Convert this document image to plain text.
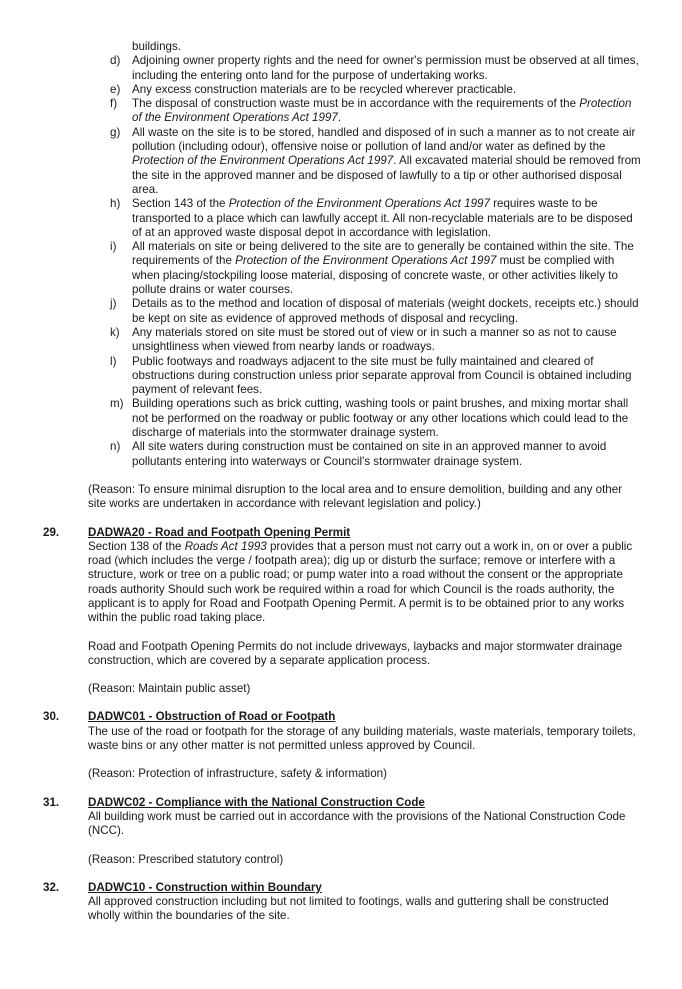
buildings.
d) Adjoining owner property rights and the need for owner's permission must be observed at all times, including the entering onto land for the purpose of undertaking works.
e) Any excess construction materials are to be recycled wherever practicable.
f) The disposal of construction waste must be in accordance with the requirements of the Protection of the Environment Operations Act 1997.
g) All waste on the site is to be stored, handled and disposed of in such a manner as to not create air pollution (including odour), offensive noise or pollution of land and/or water as defined by the Protection of the Environment Operations Act 1997. All excavated material should be removed from the site in the approved manner and be disposed of lawfully to a tip or other authorised disposal area.
h) Section 143 of the Protection of the Environment Operations Act 1997 requires waste to be transported to a place which can lawfully accept it. All non-recyclable materials are to be disposed of at an approved waste disposal depot in accordance with legislation.
i) All materials on site or being delivered to the site are to generally be contained within the site. The requirements of the Protection of the Environment Operations Act 1997 must be complied with when placing/stockpiling loose material, disposing of concrete waste, or other activities likely to pollute drains or water courses.
j) Details as to the method and location of disposal of materials (weight dockets, receipts etc.) should be kept on site as evidence of approved methods of disposal and recycling.
k) Any materials stored on site must be stored out of view or in such a manner so as not to cause unsightliness when viewed from nearby lands or roadways.
l) Public footways and roadways adjacent to the site must be fully maintained and cleared of obstructions during construction unless prior separate approval from Council is obtained including payment of relevant fees.
m) Building operations such as brick cutting, washing tools or paint brushes, and mixing mortar shall not be performed on the roadway or public footway or any other locations which could lead to the discharge of materials into the stormwater drainage system.
n) All site waters during construction must be contained on site in an approved manner to avoid pollutants entering into waterways or Council's stormwater drainage system.
(Reason: To ensure minimal disruption to the local area and to ensure demolition, building and any other site works are undertaken in accordance with relevant legislation and policy.)
29. DADWA20 - Road and Footpath Opening Permit
Section 138 of the Roads Act 1993 provides that a person must not carry out a work in, on or over a public road (which includes the verge / footpath area); dig up or disturb the surface; remove or interfere with a structure, work or tree on a public road; or pump water into a road without the consent or the appropriate roads authority Should such work be required within a road for which Council is the roads authority, the applicant is to apply for Road and Footpath Opening Permit. A permit is to be obtained prior to any works within the public road taking place.
Road and Footpath Opening Permits do not include driveways, laybacks and major stormwater drainage construction, which are covered by a separate application process.
(Reason: Maintain public asset)
30. DADWC01 - Obstruction of Road or Footpath
The use of the road or footpath for the storage of any building materials, waste materials, temporary toilets, waste bins or any other matter is not permitted unless approved by Council.
(Reason: Protection of infrastructure, safety & information)
31. DADWC02 - Compliance with the National Construction Code
All building work must be carried out in accordance with the provisions of the National Construction Code (NCC).
(Reason: Prescribed statutory control)
32. DADWC10 - Construction within Boundary
All approved construction including but not limited to footings, walls and guttering shall be constructed wholly within the boundaries of the site.
